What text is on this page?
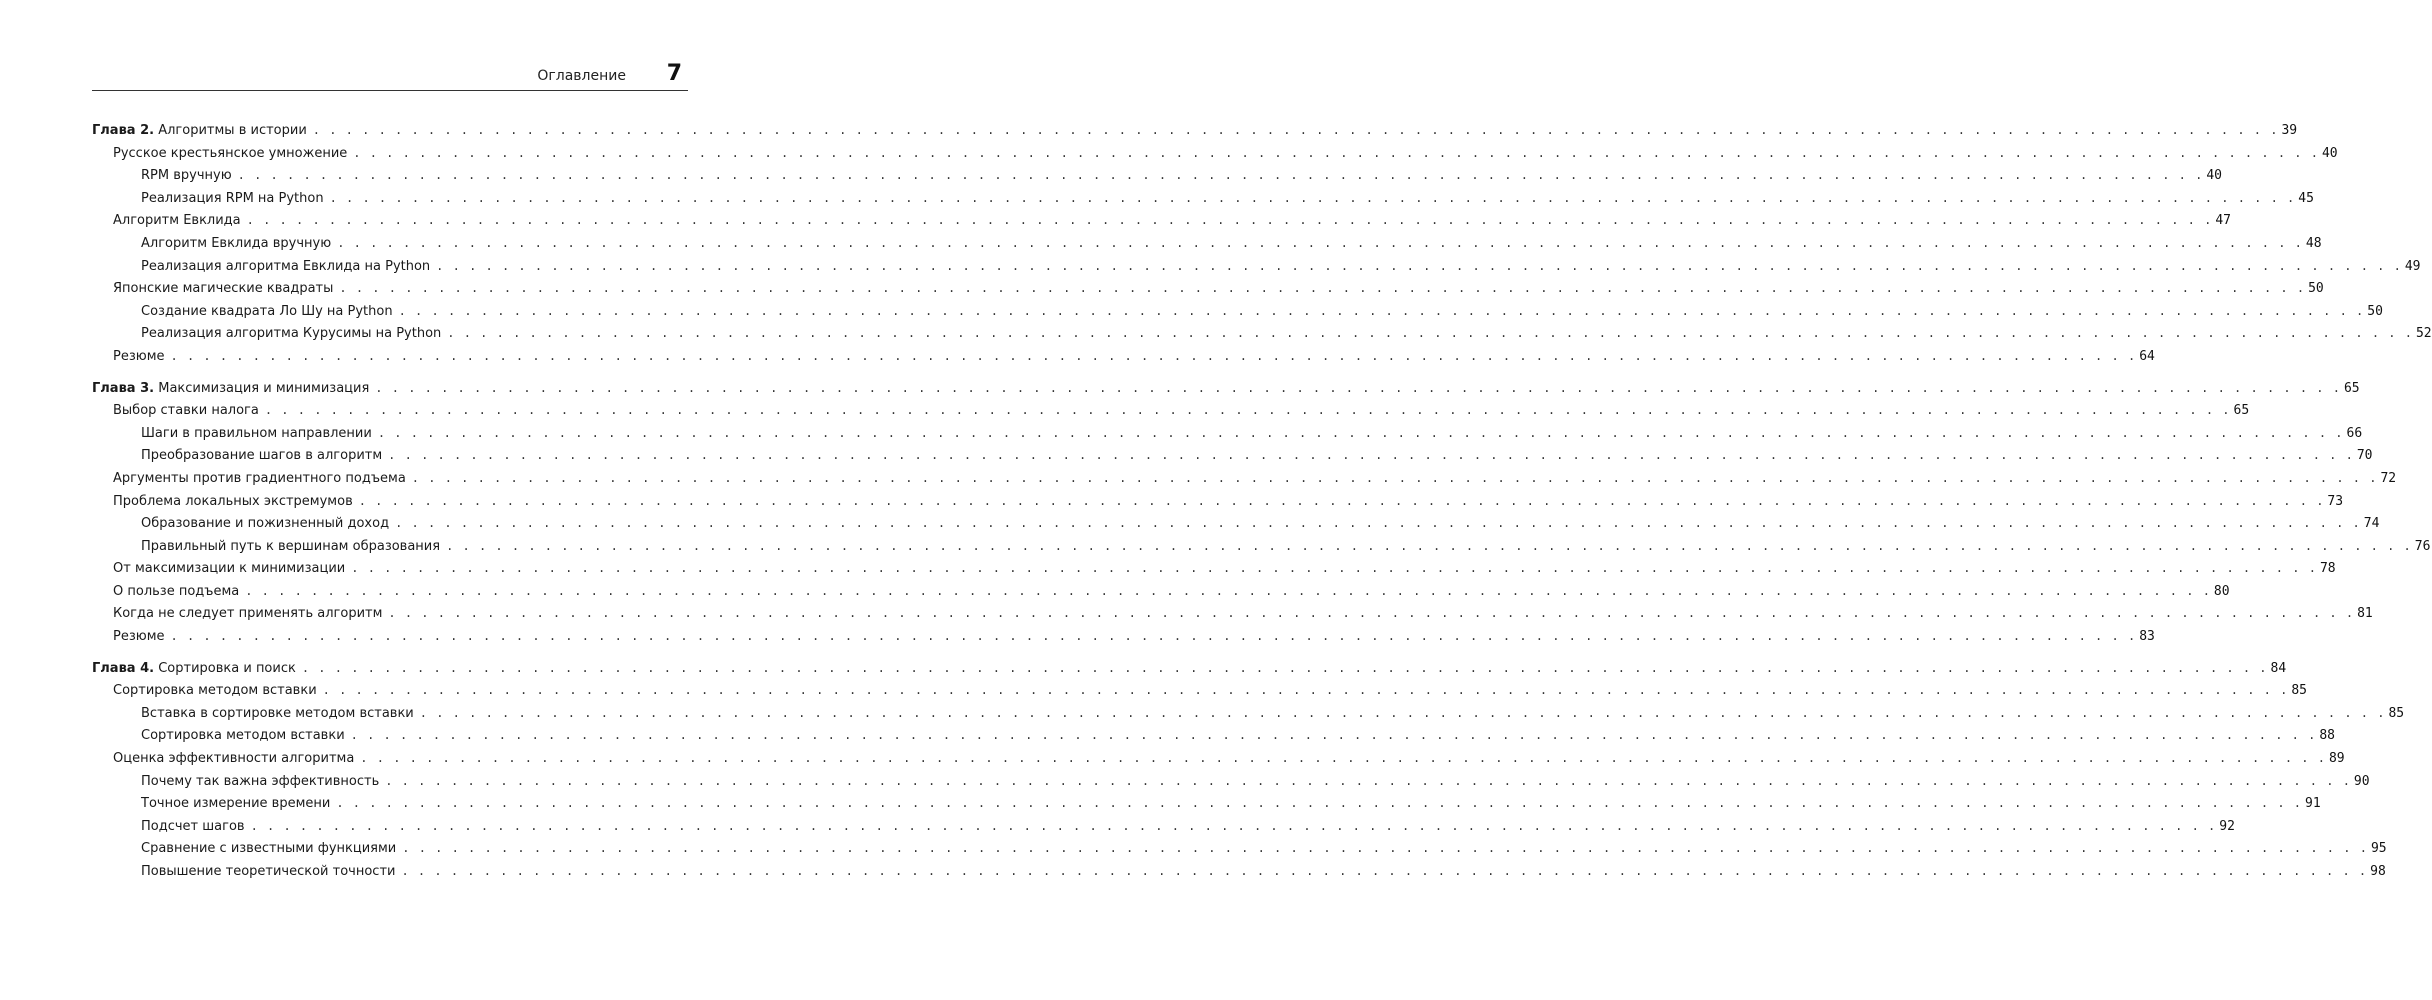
Оглавление 7
Глава 2. Алгоритмы в истории . . . . . . . . . . . . . . . . . . . . . . . . . . . . . . . . . . . . . . . . . . . . . . . . . . . . . . . . . . . . . . . . . . . . . . . . . . . . . . . . . . . . . . . . . . . . . . . . . . . . . . . . . . . . . . . . . . . . . . . . 39
Русское крестьянское умножение . . . . . . . . . . . . . . . . . . . . . . . . . . . . . . . . . . . . . . . . . . . . . . . . . . . . . . . . . . . . . . . . . . . . . . . . . . . . . . . . . . . . . . . . . . . . . . . . . . . . . . . . . . . . . . . . . . . . . . . . 40
RPM вручную . . . . . . . . . . . . . . . . . . . . . . . . . . . . . . . . . . . . . . . . . . . . . . . . . . . . . . . . . . . . . . . . . . . . . . . . . . . . . . . . . . . . . . . . . . . . . . . . . . . . . . . . . . . . . . . . . . . . . . . . 40
Реализация RPM на Python . . . . . . . . . . . . . . . . . . . . . . . . . . . . . . . . . . . . . . . . . . . . . . . . . . . . . . . . . . . . . . . . . . . . . . . . . . . . . . . . . . . . . . . . . . . . . . . . . . . . . . . . . . . . . . . . . . . . . . . . 45
Алгоритм Евклида . . . . . . . . . . . . . . . . . . . . . . . . . . . . . . . . . . . . . . . . . . . . . . . . . . . . . . . . . . . . . . . . . . . . . . . . . . . . . . . . . . . . . . . . . . . . . . . . . . . . . . . . . . . . . . . . . . . . . . . . 47
Алгоритм Евклида вручную . . . . . . . . . . . . . . . . . . . . . . . . . . . . . . . . . . . . . . . . . . . . . . . . . . . . . . . . . . . . . . . . . . . . . . . . . . . . . . . . . . . . . . . . . . . . . . . . . . . . . . . . . . . . . . . . . . . . . . . . 48
Реализация алгоритма Евклида на Python . . . . . . . . . . . . . . . . . . . . . . . . . . . . . . . . . . . . . . . . . . . . . . . . . . . . . . . . . . . . . . . . . . . . . . . . . . . . . . . . . . . . . . . . . . . . . . . . . . . . . . . . . . . . . . . . . . . . . . . . 49
Японские магические квадраты . . . . . . . . . . . . . . . . . . . . . . . . . . . . . . . . . . . . . . . . . . . . . . . . . . . . . . . . . . . . . . . . . . . . . . . . . . . . . . . . . . . . . . . . . . . . . . . . . . . . . . . . . . . . . . . . . . . . . . . . 50
Создание квадрата Ло Шу на Python . . . . . . . . . . . . . . . . . . . . . . . . . . . . . . . . . . . . . . . . . . . . . . . . . . . . . . . . . . . . . . . . . . . . . . . . . . . . . . . . . . . . . . . . . . . . . . . . . . . . . . . . . . . . . . . . . . . . . . . . 50
Реализация алгоритма Курусимы на Python . . . . . . . . . . . . . . . . . . . . . . . . . . . . . . . . . . . . . . . . . . . . . . . . . . . . . . . . . . . . . . . . . . . . . . . . . . . . . . . . . . . . . . . . . . . . . . . . . . . . . . . . . . . . . . . . . . . . . . . . 52
Резюме . . . . . . . . . . . . . . . . . . . . . . . . . . . . . . . . . . . . . . . . . . . . . . . . . . . . . . . . . . . . . . . . . . . . . . . . . . . . . . . . . . . . . . . . . . . . . . . . . . . . . . . . . . . . . . . . . . . . . . . . 64
Глава 3. Максимизация и минимизация . . . . . . . . . . . . . . . . . . . . . . . . . . . . . . . . . . . . . . . . . . . . . . . . . . . . . . . . . . . . . . . . . . . . . . . . . . . . . . . . . . . . . . . . . . . . . . . . . . . . . . . . . . . . . . . . . . . . . . . . 65
Выбор ставки налога . . . . . . . . . . . . . . . . . . . . . . . . . . . . . . . . . . . . . . . . . . . . . . . . . . . . . . . . . . . . . . . . . . . . . . . . . . . . . . . . . . . . . . . . . . . . . . . . . . . . . . . . . . . . . . . . . . . . . . . . 65
Шаги в правильном направлении . . . . . . . . . . . . . . . . . . . . . . . . . . . . . . . . . . . . . . . . . . . . . . . . . . . . . . . . . . . . . . . . . . . . . . . . . . . . . . . . . . . . . . . . . . . . . . . . . . . . . . . . . . . . . . . . . . . . . . . . 66
Преобразование шагов в алгоритм . . . . . . . . . . . . . . . . . . . . . . . . . . . . . . . . . . . . . . . . . . . . . . . . . . . . . . . . . . . . . . . . . . . . . . . . . . . . . . . . . . . . . . . . . . . . . . . . . . . . . . . . . . . . . . . . . . . . . . . . 70
Аргументы против градиентного подъема . . . . . . . . . . . . . . . . . . . . . . . . . . . . . . . . . . . . . . . . . . . . . . . . . . . . . . . . . . . . . . . . . . . . . . . . . . . . . . . . . . . . . . . . . . . . . . . . . . . . . . . . . . . . . . . . . . . . . . . . 72
Проблема локальных экстремумов . . . . . . . . . . . . . . . . . . . . . . . . . . . . . . . . . . . . . . . . . . . . . . . . . . . . . . . . . . . . . . . . . . . . . . . . . . . . . . . . . . . . . . . . . . . . . . . . . . . . . . . . . . . . . . . . . . . . . . . . 73
Образование и пожизненный доход . . . . . . . . . . . . . . . . . . . . . . . . . . . . . . . . . . . . . . . . . . . . . . . . . . . . . . . . . . . . . . . . . . . . . . . . . . . . . . . . . . . . . . . . . . . . . . . . . . . . . . . . . . . . . . . . . . . . . . . . 74
Правильный путь к вершинам образования . . . . . . . . . . . . . . . . . . . . . . . . . . . . . . . . . . . . . . . . . . . . . . . . . . . . . . . . . . . . . . . . . . . . . . . . . . . . . . . . . . . . . . . . . . . . . . . . . . . . . . . . . . . . . . . . . . . . . . . . 76
От максимизации к минимизации . . . . . . . . . . . . . . . . . . . . . . . . . . . . . . . . . . . . . . . . . . . . . . . . . . . . . . . . . . . . . . . . . . . . . . . . . . . . . . . . . . . . . . . . . . . . . . . . . . . . . . . . . . . . . . . . . . . . . . . . 78
О пользе подъема . . . . . . . . . . . . . . . . . . . . . . . . . . . . . . . . . . . . . . . . . . . . . . . . . . . . . . . . . . . . . . . . . . . . . . . . . . . . . . . . . . . . . . . . . . . . . . . . . . . . . . . . . . . . . . . . . . . . . . . . 80
Когда не следует применять алгоритм . . . . . . . . . . . . . . . . . . . . . . . . . . . . . . . . . . . . . . . . . . . . . . . . . . . . . . . . . . . . . . . . . . . . . . . . . . . . . . . . . . . . . . . . . . . . . . . . . . . . . . . . . . . . . . . . . . . . . . . . 81
Резюме . . . . . . . . . . . . . . . . . . . . . . . . . . . . . . . . . . . . . . . . . . . . . . . . . . . . . . . . . . . . . . . . . . . . . . . . . . . . . . . . . . . . . . . . . . . . . . . . . . . . . . . . . . . . . . . . . . . . . . . . 83
Глава 4. Сортировка и поиск . . . . . . . . . . . . . . . . . . . . . . . . . . . . . . . . . . . . . . . . . . . . . . . . . . . . . . . . . . . . . . . . . . . . . . . . . . . . . . . . . . . . . . . . . . . . . . . . . . . . . . . . . . . . . . . . . . . . . . . . 84
Сортировка методом вставки . . . . . . . . . . . . . . . . . . . . . . . . . . . . . . . . . . . . . . . . . . . . . . . . . . . . . . . . . . . . . . . . . . . . . . . . . . . . . . . . . . . . . . . . . . . . . . . . . . . . . . . . . . . . . . . . . . . . . . . . 85
Вставка в сортировке методом вставки . . . . . . . . . . . . . . . . . . . . . . . . . . . . . . . . . . . . . . . . . . . . . . . . . . . . . . . . . . . . . . . . . . . . . . . . . . . . . . . . . . . . . . . . . . . . . . . . . . . . . . . . . . . . . . . . . . . . . . . . 85
Сортировка методом вставки . . . . . . . . . . . . . . . . . . . . . . . . . . . . . . . . . . . . . . . . . . . . . . . . . . . . . . . . . . . . . . . . . . . . . . . . . . . . . . . . . . . . . . . . . . . . . . . . . . . . . . . . . . . . . . . . . . . . . . . . 88
Оценка эффективности алгоритма . . . . . . . . . . . . . . . . . . . . . . . . . . . . . . . . . . . . . . . . . . . . . . . . . . . . . . . . . . . . . . . . . . . . . . . . . . . . . . . . . . . . . . . . . . . . . . . . . . . . . . . . . . . . . . . . . . . . . . . . 89
Почему так важна эффективность . . . . . . . . . . . . . . . . . . . . . . . . . . . . . . . . . . . . . . . . . . . . . . . . . . . . . . . . . . . . . . . . . . . . . . . . . . . . . . . . . . . . . . . . . . . . . . . . . . . . . . . . . . . . . . . . . . . . . . . . 90
Точное измерение времени . . . . . . . . . . . . . . . . . . . . . . . . . . . . . . . . . . . . . . . . . . . . . . . . . . . . . . . . . . . . . . . . . . . . . . . . . . . . . . . . . . . . . . . . . . . . . . . . . . . . . . . . . . . . . . . . . . . . . . . . 91
Подсчет шагов . . . . . . . . . . . . . . . . . . . . . . . . . . . . . . . . . . . . . . . . . . . . . . . . . . . . . . . . . . . . . . . . . . . . . . . . . . . . . . . . . . . . . . . . . . . . . . . . . . . . . . . . . . . . . . . . . . . . . . . . 92
Сравнение с известными функциями . . . . . . . . . . . . . . . . . . . . . . . . . . . . . . . . . . . . . . . . . . . . . . . . . . . . . . . . . . . . . . . . . . . . . . . . . . . . . . . . . . . . . . . . . . . . . . . . . . . . . . . . . . . . . . . . . . . . . . . . 95
Повышение теоретической точности . . . . . . . . . . . . . . . . . . . . . . . . . . . . . . . . . . . . . . . . . . . . . . . . . . . . . . . . . . . . . . . . . . . . . . . . . . . . . . . . . . . . . . . . . . . . . . . . . . . . . . . . . . . . . . . . . . . . . . . . 98
